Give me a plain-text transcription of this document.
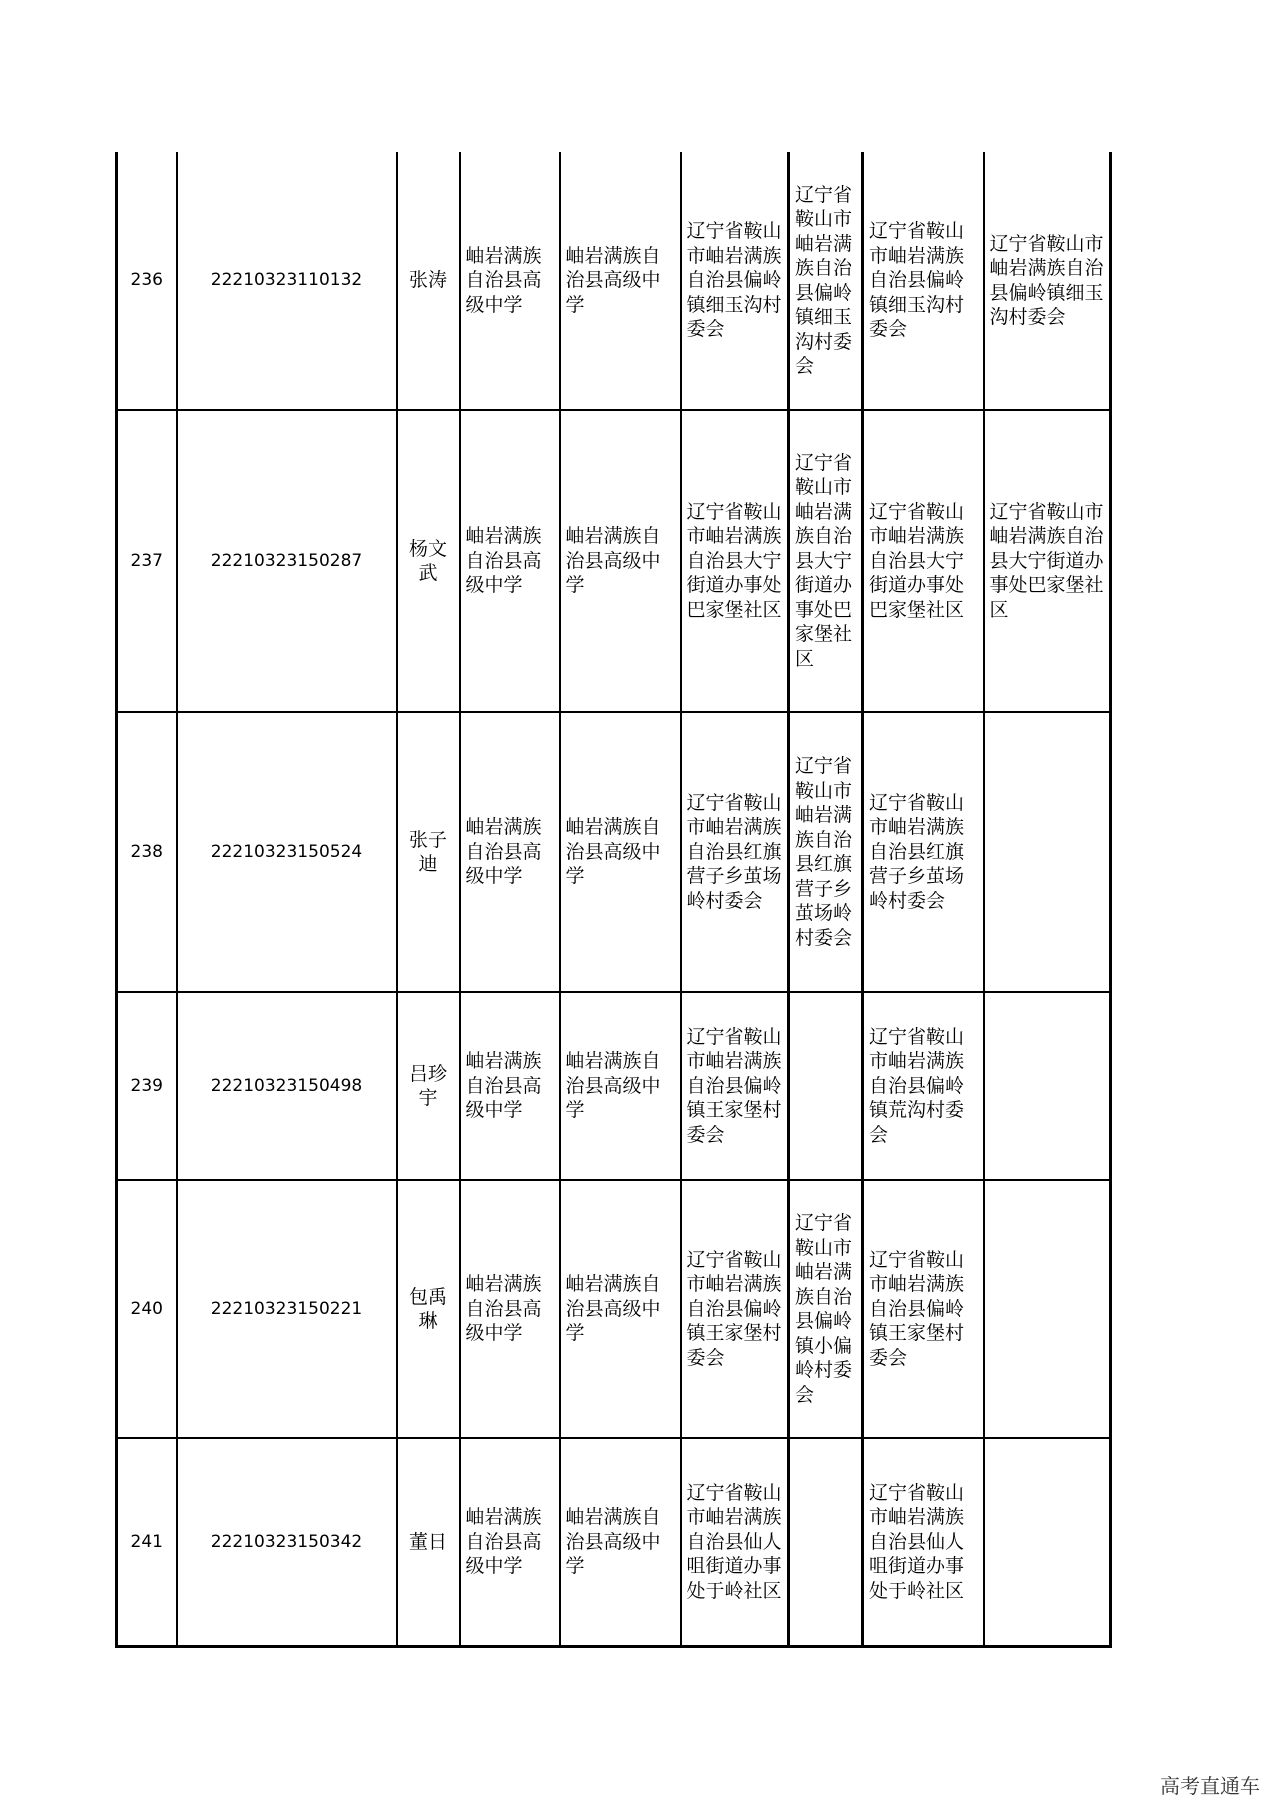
236	22210323110132	张涛	岫岩满族自治县高级中学	岫岩满族自治县高级中学	辽宁省鞍山市岫岩满族自治县偏岭镇细玉沟村委会	辽宁省鞍山市岫岩满族自治县偏岭镇细玉沟村委会	辽宁省鞍山市岫岩满族自治县偏岭镇细玉沟村委会	辽宁省鞍山市岫岩满族自治县偏岭镇细玉沟村委会
237	22210323150287	杨文武	岫岩满族自治县高级中学	岫岩满族自治县高级中学	辽宁省鞍山市岫岩满族自治县大宁街道办事处巴家堡社区	辽宁省鞍山市岫岩满族自治县大宁街道办事处巴家堡社区	辽宁省鞍山市岫岩满族自治县大宁街道办事处巴家堡社区	辽宁省鞍山市岫岩满族自治县大宁街道办事处巴家堡社区
238	22210323150524	张子迪	岫岩满族自治县高级中学	岫岩满族自治县高级中学	辽宁省鞍山市岫岩满族自治县红旗营子乡茧场岭村委会	辽宁省鞍山市岫岩满族自治县红旗营子乡茧场岭村委会	辽宁省鞍山市岫岩满族自治县红旗营子乡茧场岭村委会	
239	22210323150498	吕珍宇	岫岩满族自治县高级中学	岫岩满族自治县高级中学	辽宁省鞍山市岫岩满族自治县偏岭镇王家堡村委会		辽宁省鞍山市岫岩满族自治县偏岭镇荒沟村委会	
240	22210323150221	包禹琳	岫岩满族自治县高级中学	岫岩满族自治县高级中学	辽宁省鞍山市岫岩满族自治县偏岭镇王家堡村委会	辽宁省鞍山市岫岩满族自治县偏岭镇小偏岭村委会	辽宁省鞍山市岫岩满族自治县偏岭镇王家堡村委会	
241	22210323150342	董日	岫岩满族自治县高级中学	岫岩满族自治县高级中学	辽宁省鞍山市岫岩满族自治县仙人咀街道办事处于岭社区		辽宁省鞍山市岫岩满族自治县仙人咀街道办事处于岭社区	
高考直通车
